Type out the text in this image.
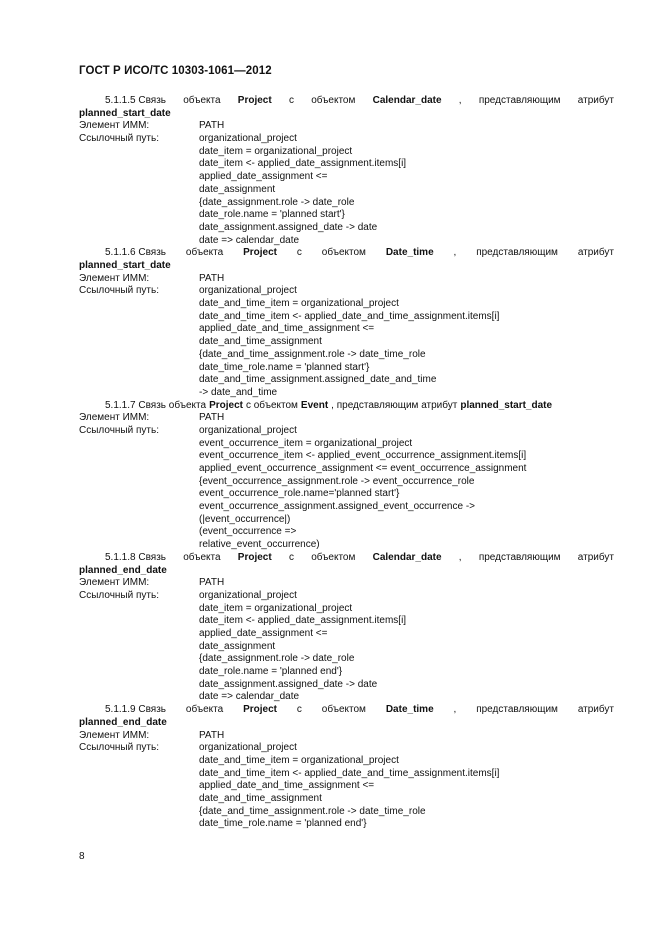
ГОСТ Р ИСО/ТС 10303-1061—2012
5.1.1.5 Связь объекта Project с объектом Calendar_date , представляющим атрибут
planned_start_date
Элемент ИММ:	PATH
Ссылочный путь:	organizational_project
date_item = organizational_project
date_item <- applied_date_assignment.items[i]
applied_date_assignment <=
date_assignment
{date_assignment.role -> date_role
date_role.name = 'planned start'}
date_assignment.assigned_date -> date
date => calendar_date
5.1.1.6 Связь объекта Project с объектом Date_time , представляющим атрибут
planned_start_date
Элемент ИММ:	PATH
Ссылочный путь:	organizational_project
date_and_time_item = organizational_project
date_and_time_item <- applied_date_and_time_assignment.items[i]
applied_date_and_time_assignment <=
date_and_time_assignment
{date_and_time_assignment.role -> date_time_role
date_time_role.name = 'planned start'}
date_and_time_assignment.assigned_date_and_time
-> date_and_time
5.1.1.7 Связь объекта Project с объектом Event , представляющим атрибут planned_start_date
Элемент ИММ:	PATH
Ссылочный путь:	organizational_project
event_occurrence_item = organizational_project
event_occurrence_item <- applied_event_occurrence_assignment.items[i]
applied_event_occurrence_assignment <= event_occurrence_assignment
{event_occurrence_assignment.role -> event_occurrence_role
event_occurrence_role.name='planned start'}
event_occurrence_assignment.assigned_event_occurrence ->
(|event_occurrence|)
(event_occurrence =>
relative_event_occurrence)
5.1.1.8 Связь объекта Project с объектом Calendar_date , представляющим атрибут
planned_end_date
Элемент ИММ:	PATH
Ссылочный путь:	organizational_project
date_item = organizational_project
date_item <- applied_date_assignment.items[i]
applied_date_assignment <=
date_assignment
{date_assignment.role -> date_role
date_role.name = 'planned end'}
date_assignment.assigned_date -> date
date => calendar_date
5.1.1.9 Связь объекта Project с объектом Date_time , представляющим атрибут
planned_end_date
Элемент ИММ:	PATH
Ссылочный путь:	organizational_project
date_and_time_item = organizational_project
date_and_time_item <- applied_date_and_time_assignment.items[i]
applied_date_and_time_assignment <=
date_and_time_assignment
{date_and_time_assignment.role -> date_time_role
date_time_role.name = 'planned end'}
8
